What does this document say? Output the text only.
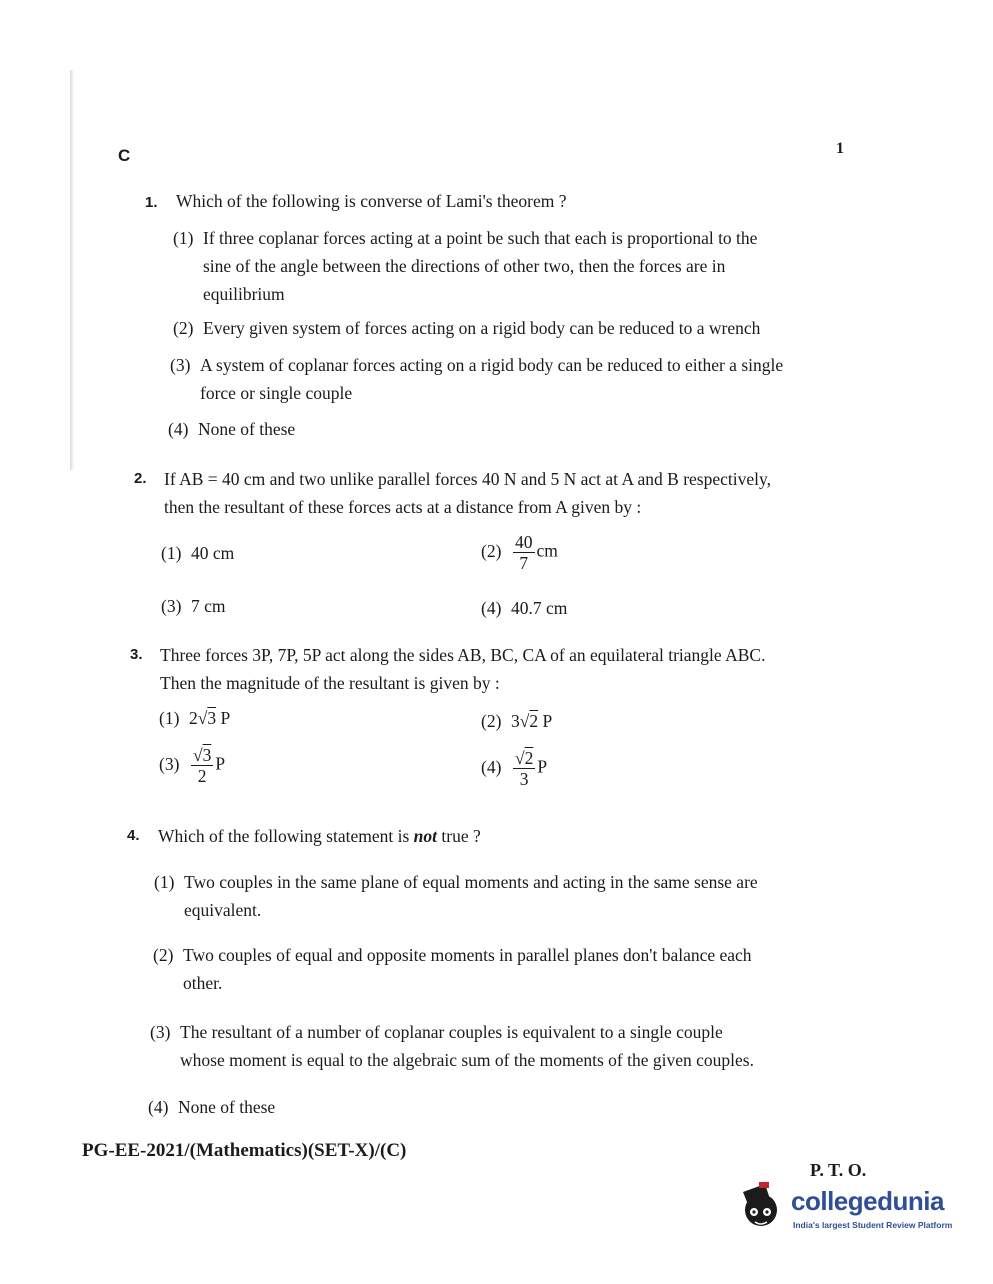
C	1
1. Which of the following is converse of Lami's theorem ?
(1) If three coplanar forces acting at a point be such that each is proportional to the
sine of the angle between the directions of other two, then the forces are in
equilibrium
(2) Every given system of forces acting on a rigid body can be reduced to a wrench
(3) A system of coplanar forces acting on a rigid body can be reduced to either a single
force or single couple
(4) None of these
2. If AB = 40 cm and two unlike parallel forces 40 N and 5 N act at A and B respectively,
then the resultant of these forces acts at a distance from A given by :
(1) 40 cm	$(2) \frac{40}{7}$ cm
(3) 7 cm	(4) 40.7 cm
3. Three forces 3P, 7P, 5P act along the sides AB, BC, CA of an equilateral triangle ABC.
Then the magnitude of the resultant is given by :
(1) 2√3 P	(2) 3√2 P
$(3) \frac{√3}{2}$ P	$(4) \frac{√2}{3}$ P
4. Which of the following statement is not true ?
(1) Two couples in the same plane of equal moments and acting in the same sense are
equivalent.
(2) Two couples of equal and opposite moments in parallel planes don't balance each
other.
(3) The resultant of a number of coplanar couples is equivalent to a single couple
whose moment is equal to the algebraic sum of the moments of the given couples.
(4) None of these
PG-EE-2021/(Mathematics)(SET-X)/(C)
P. T. O.
collegedunia
India's largest Student Review Platform
